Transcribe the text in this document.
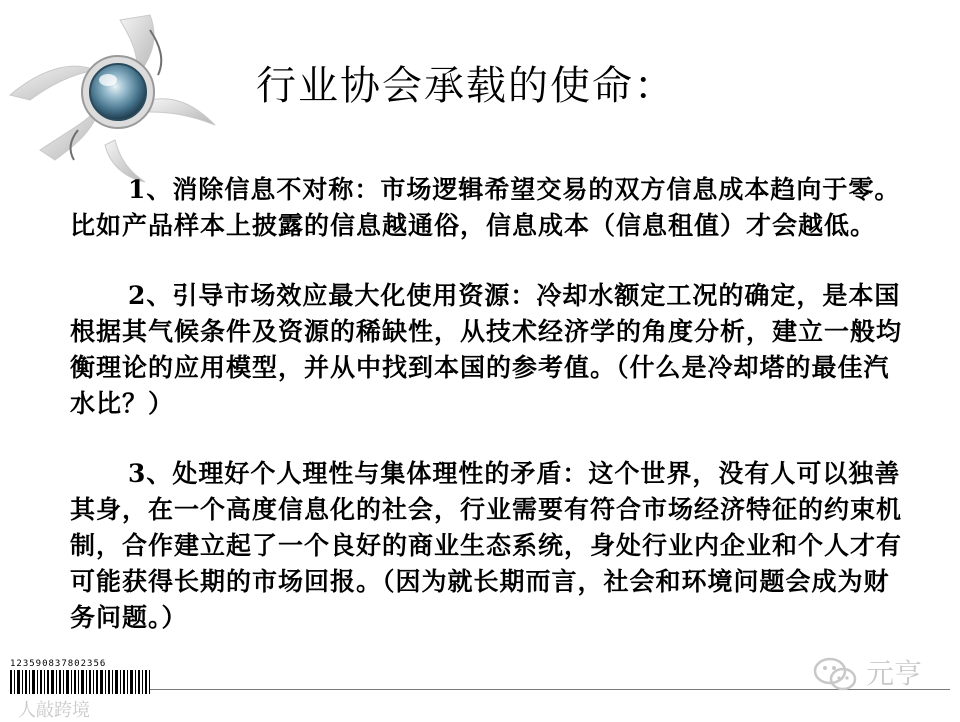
行业协会承载的使命：

1、消除信息不对称：市场逻辑希望交易的双方信息成本趋向于零。比如产品样本上披露的信息越通俗，信息成本（信息租值）才会越低。

2、引导市场效应最大化使用资源：冷却水额定工况的确定，是本国根据其气候条件及资源的稀缺性，从技术经济学的角度分析，建立一般均衡理论的应用模型，并从中找到本国的参考值。（什么是冷却塔的最佳汽水比？）

3、处理好个人理性与集体理性的矛盾：这个世界，没有人可以独善其身，在一个高度信息化的社会，行业需要有符合市场经济特征的约束机制，合作建立起了一个良好的商业生态系统，身处行业内企业和个人才有可能获得长期的市场回报。（因为就长期而言，社会和环境问题会成为财务问题。）

123590837802356	元亨
人敲跨境
